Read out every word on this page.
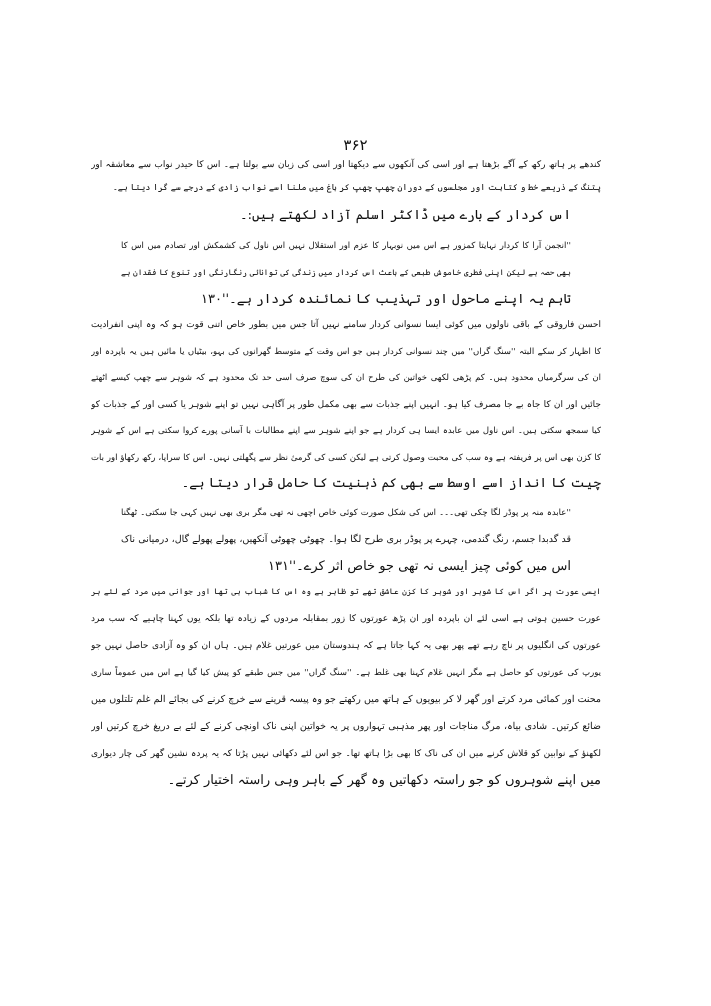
۳۶۲
کندھے پر ہاتھ رکھ کے آگے بڑھتا ہے اور اسی کی آنکھوں سے دیکھتا اور اسی کی زبان سے بولتا ہے۔ اس کا حیدر نواب سے معاشقہ اور
پتنگ کے ذریعے خط و کتابت اور مجلسوں کے دوران چھپ چھپ کر باغ میں ملنا اسے نواب زادی کے درجے سے گرا دیتا ہے۔
اس کردار کے بارے میں ڈاکٹر اسلم آزاد لکھتے ہیں:۔
''انجمن آرا کا کردار نہایتا کمزور ہے اس میں نوبہار کا عزم اور استقلال نہیں اس ناول کی کشمکش اور تصادم میں اس کا
بھی حصہ ہے لیکن اپنی فطری خاموش طبعی کے باعث اس کردار میں زندگی کی توانائی رنگارنگی اور تنوع کا فقدان ہے
تاہم یہ اپنے ماحول اور تہذیب کا نمائندہ کردار ہے۔''۱۳۰
احسن فاروقی کے باقی ناولوں میں کوئی ایسا نسوانی کردار سامنے نہیں آتا جس میں بطور خاص اتنی قوت ہو کہ وہ اپنی انفرادیت
کا اظہار کر سکے البتہ ''سنگ گراں'' میں چند نسوانی کردار ہیں جو اس وقت کے متوسط گھرانوں کی بہو، بیٹیاں یا مائیں ہیں یہ باپردہ اور
ان کی سرگرمیاں محدود ہیں۔ کم پڑھی لکھی خواتین کی طرح ان کی سوچ صرف اسی حد تک محدود ہے کہ شوہر سے چھپ کیسے اٹھتے
جائیں اور ان کا جاہ بے جا مصرف کیا ہو۔ انہیں اپنے جذبات سے بھی مکمل طور پر آگاہی نہیں تو اپنے شوہر یا کسی اور کے جذبات کو
کیا سمجھ سکتی ہیں۔ اس ناول میں عابدہ ایسا ہی کردار ہے جو اپنے شوہر سے اپنے مطالبات با آسانی پورے کروا سکتی ہے اس کے شوہر
کا کزن بھی اس پر فریفتہ ہے وہ سب کی محبت وصول کرتی ہے لیکن کسی کی گرمیٔ نظر سے پگھلتی نہیں۔ اس کا سراپا، رکھ رکھاؤ اور بات
چیت کا انداز اسے اوسط سے بھی کم ذہنیت کا حامل قرار دیتا ہے۔
''عابدہ منہ پر پوڈر لگا چکی تھی۔۔۔ اس کی شکل صورت کوئی خاص اچھی نہ تھی مگر بری بھی نہیں کہی جا سکتی۔ ٹھگنا
قد گدبدا جسم، رنگ گندمی، چہرے پر پوڈر بری طرح لگا ہوا۔ چھوٹی چھوٹی آنکھیں، پھولے پھولے گال، درمیانی ناک
اس میں کوئی چیز ایسی نہ تھی جو خاص اثر کرے۔''۱۳۱
ایسی عورت پر اگر اس کا شوہر اور شوہر کا کزن عاشق تھے تو ظاہر ہے وہ اس کا شباب ہی تھا اور جوانی میں مرد کے لئے ہر
عورت حسین ہوتی ہے اسی لئے ان باپردہ اور ان پڑھ عورتوں کا زور بمقابلہ مردوں کے زیادہ تھا بلکہ یوں کہنا چاہیے کہ سب مرد
عورتوں کی انگلیوں پر ناچ رہے تھے پھر بھی یہ کہا جاتا ہے کہ ہندوستان میں عورتیں غلام ہیں۔ ہاں ان کو وہ آزادی حاصل نہیں جو
یورپ کی عورتوں کو حاصل ہے مگر انہیں غلام کہنا بھی غلط ہے۔ ''سنگ گراں'' میں جس طبقے کو پیش کیا گیا ہے اس میں عموماً ساری
محنت اور کمائی مرد کرتے اور گھر لا کر بیویوں کے ہاتھ میں رکھتے جو وہ پیسہ قرینے سے خرچ کرنے کی بجائے الم غلم تلتلوں میں
ضائع کرتیں۔ شادی بیاہ، مرگ مناجات اور پھر مذہبی تہواروں پر یہ خواتین اپنی ناک اونچی کرنے کے لئے بے دریغ خرچ کرتیں اور
لکھنؤ کے نوابین کو قلاش کرنے میں ان کی ناک کا بھی بڑا ہاتھ تھا۔ جو اس لئے دکھائی نہیں پڑتا کہ یہ پردہ نشین گھر کی چار دیواری
میں اپنے شوہروں کو جو راستہ دکھاتیں وہ گھر کے باہر وہی راستہ اختیار کرتے۔
